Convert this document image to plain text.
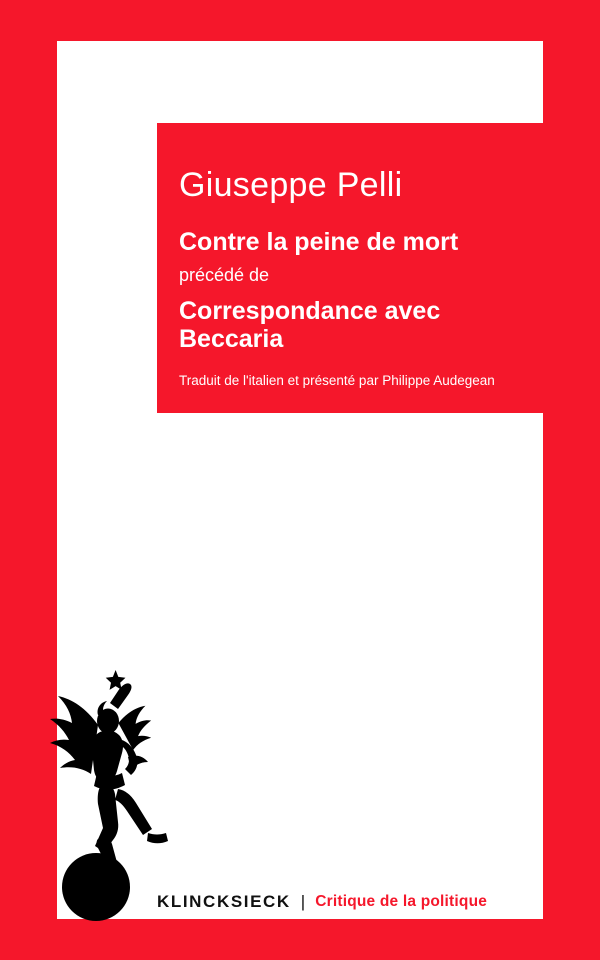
Giuseppe Pelli
Contre la peine de mort
précédé de
Correspondance avec Beccaria
Traduit de l'italien et présenté par Philippe Audegean
KLINCKSIECK | Critique de la politique
